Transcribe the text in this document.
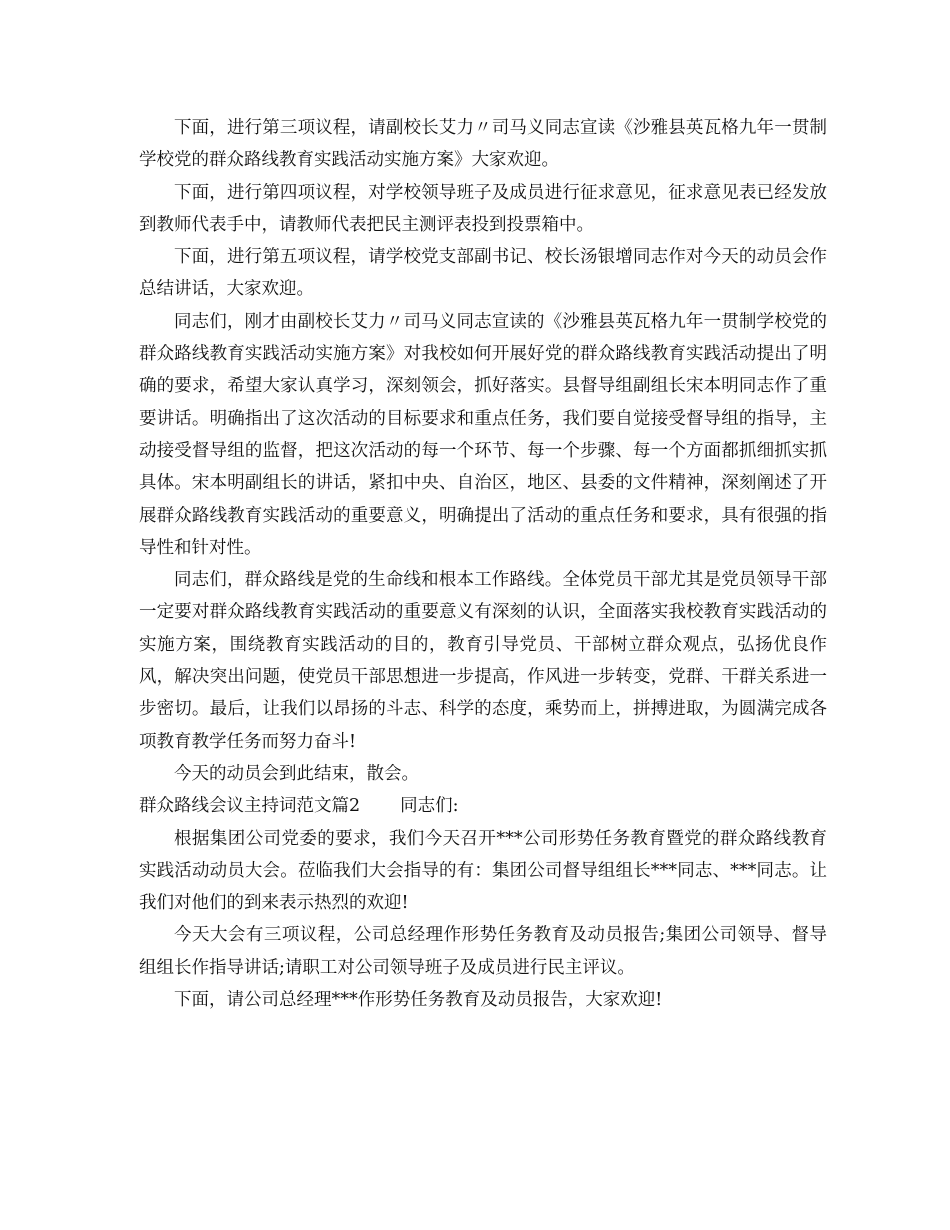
下面，进行第三项议程，请副校长艾力〃司马义同志宣读《沙雅县英瓦格九年一贯制学校党的群众路线教育实践活动实施方案》大家欢迎。

下面，进行第四项议程，对学校领导班子及成员进行征求意见，征求意见表已经发放到教师代表手中，请教师代表把民主测评表投到投票箱中。

下面，进行第五项议程，请学校党支部副书记、校长汤银增同志作对今天的动员会作总结讲话，大家欢迎。

同志们，刚才由副校长艾力〃司马义同志宣读的《沙雅县英瓦格九年一贯制学校党的群众路线教育实践活动实施方案》对我校如何开展好党的群众路线教育实践活动提出了明确的要求，希望大家认真学习，深刻领会，抓好落实。县督导组副组长宋本明同志作了重要讲话。明确指出了这次活动的目标要求和重点任务，我们要自觉接受督导组的指导，主动接受督导组的监督，把这次活动的每一个环节、每一个步骤、每一个方面都抓细抓实抓具体。宋本明副组长的讲话，紧扣中央、自治区，地区、县委的文件精神，深刻阐述了开展群众路线教育实践活动的重要意义，明确提出了活动的重点任务和要求，具有很强的指导性和针对性。

同志们，群众路线是党的生命线和根本工作路线。全体党员干部尤其是党员领导干部一定要对群众路线教育实践活动的重要意义有深刻的认识，全面落实我校教育实践活动的实施方案，围绕教育实践活动的目的，教育引导党员、干部树立群众观点，弘扬优良作风，解决突出问题，使党员干部思想进一步提高，作风进一步转变，党群、干群关系进一步密切。最后，让我们以昂扬的斗志、科学的态度，乘势而上，拼搏进取，为圆满完成各项教育教学任务而努力奋斗!

今天的动员会到此结束，散会。

群众路线会议主持词范文篇2 同志们:

根据集团公司党委的要求，我们今天召开***公司形势任务教育暨党的群众路线教育实践活动动员大会。莅临我们大会指导的有：集团公司督导组组长***同志、***同志。让我们对他们的到来表示热烈的欢迎!

今天大会有三项议程，公司总经理作形势任务教育及动员报告;集团公司领导、督导组组长作指导讲话;请职工对公司领导班子及成员进行民主评议。

下面，请公司总经理***作形势任务教育及动员报告，大家欢迎!
